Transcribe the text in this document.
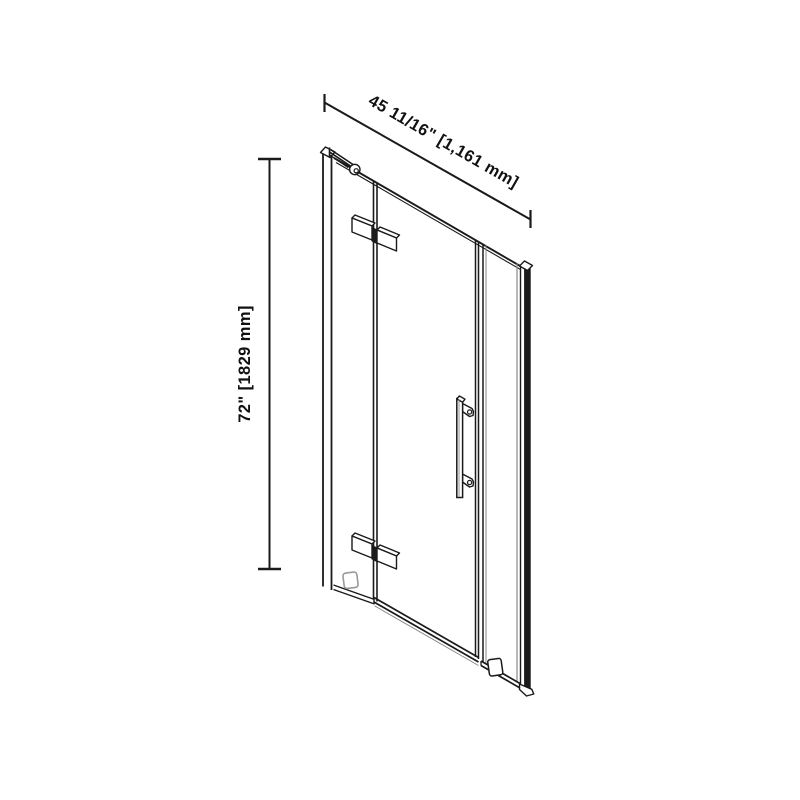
45 11/16" [1,161 mm]
72" [1829 mm]
